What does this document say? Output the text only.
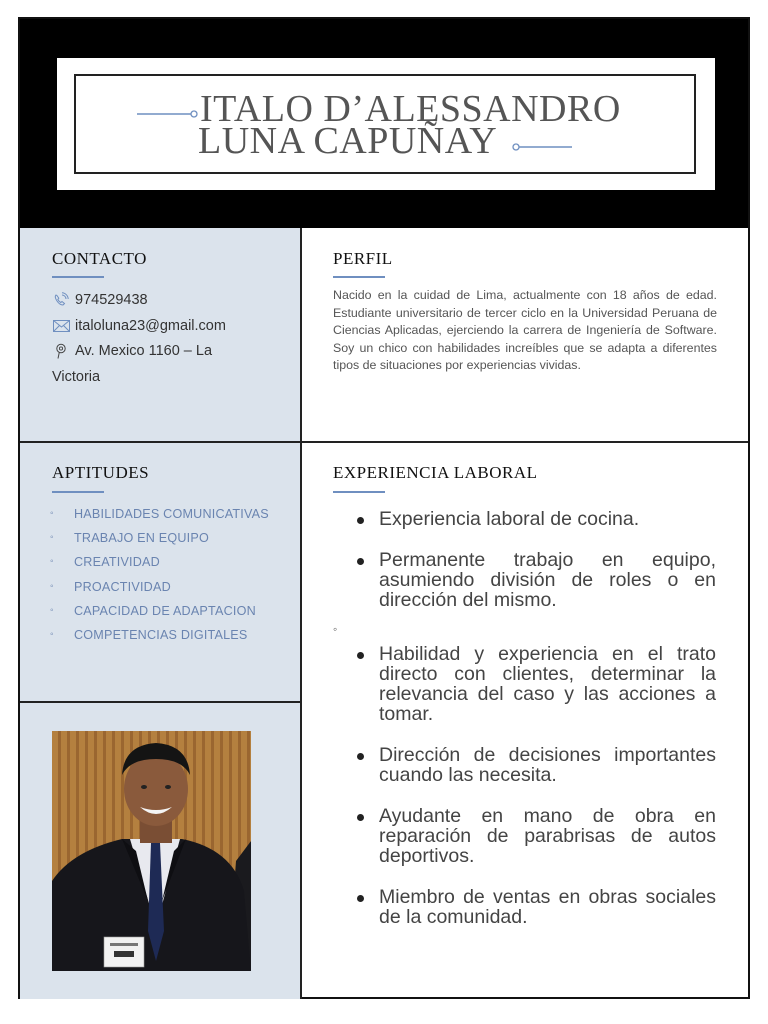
ITALO D’ALESSANDRO
LUNA CAPUÑAY
CONTACTO
974529438
italoluna23@gmail.com
Av. Mexico 1160 – La
Victoria
PERFIL
Nacido en la cuidad de Lima, actualmente con 18 años de edad. Estudiante universitario de tercer ciclo en la Universidad Peruana de Ciencias Aplicadas, ejerciendo la carrera de Ingeniería de Software. Soy un chico con habilidades increíbles que se adapta a diferentes tipos de situaciones por experiencias vividas.
APTITUDES
◦ HABILIDADES COMUNICATIVAS
◦ TRABAJO EN EQUIPO
◦ CREATIVIDAD
◦ PROACTIVIDAD
◦ CAPACIDAD DE ADAPTACION
◦ COMPETENCIAS DIGITALES
EXPERIENCIA LABORAL
Experiencia laboral de cocina.
Permanente trabajo en equipo, asumiendo división de roles o en dirección del mismo.
◦
Habilidad y experiencia en el trato directo con clientes, determinar la relevancia del caso y las acciones a tomar.
Dirección de decisiones importantes cuando las necesita.
Ayudante en mano de obra en reparación de parabrisas de autos deportivos.
Miembro de ventas en obras sociales de la comunidad.
